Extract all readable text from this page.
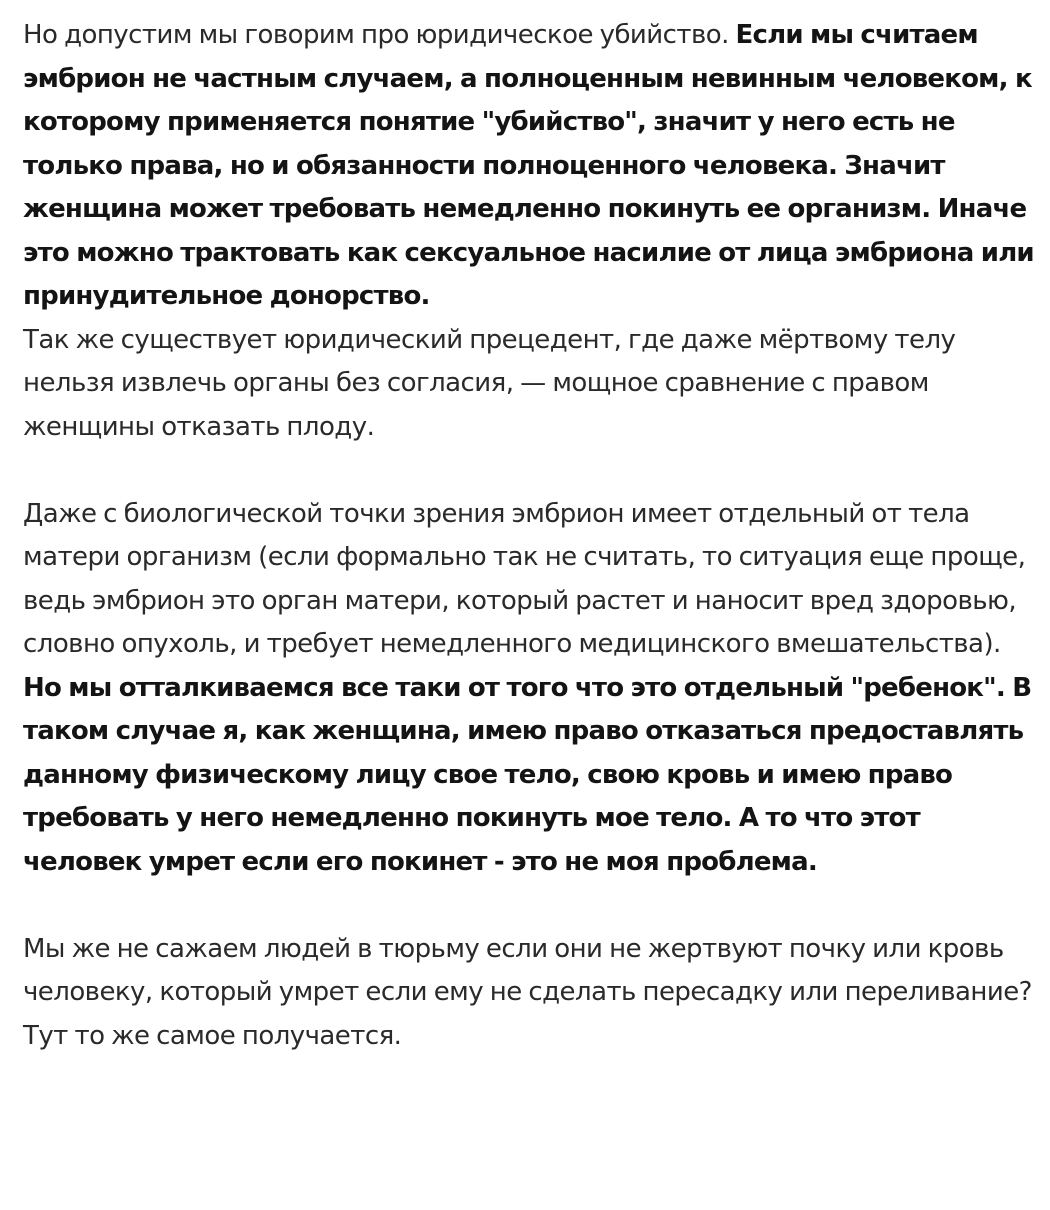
Но допустим мы говорим про юридическое убийство. Если мы считаем эмбрион не частным случаем, а полноценным невинным человеком, к которому применяется понятие "убийство", значит у него есть не только права, но и обязанности полноценного человека. Значит женщина может требовать немедленно покинуть ее организм. Иначе это можно трактовать как сексуальное насилие от лица эмбриона или принудительное донорство.

Так же существует юридический прецедент, где даже мёртвому телу нельзя извлечь органы без согласия, — мощное сравнение с правом женщины отказать плоду.

Даже с биологической точки зрения эмбрион имеет отдельный от тела матери организм (если формально так не считать, то ситуация еще проще, ведь эмбрион это орган матери, который растет и наносит вред здоровью, словно опухоль, и требует немедленного медицинского вмешательства).

Но мы отталкиваемся все таки от того что это отдельный "ребенок". В таком случае я, как женщина, имею право отказаться предоставлять данному физическому лицу свое тело, свою кровь и имею право требовать у него немедленно покинуть мое тело. А то что этот человек умрет если его покинет - это не моя проблема.

Мы же не сажаем людей в тюрьму если они не жертвуют почку или кровь человеку, который умрет если ему не сделать пересадку или переливание? Тут то же самое получается.
